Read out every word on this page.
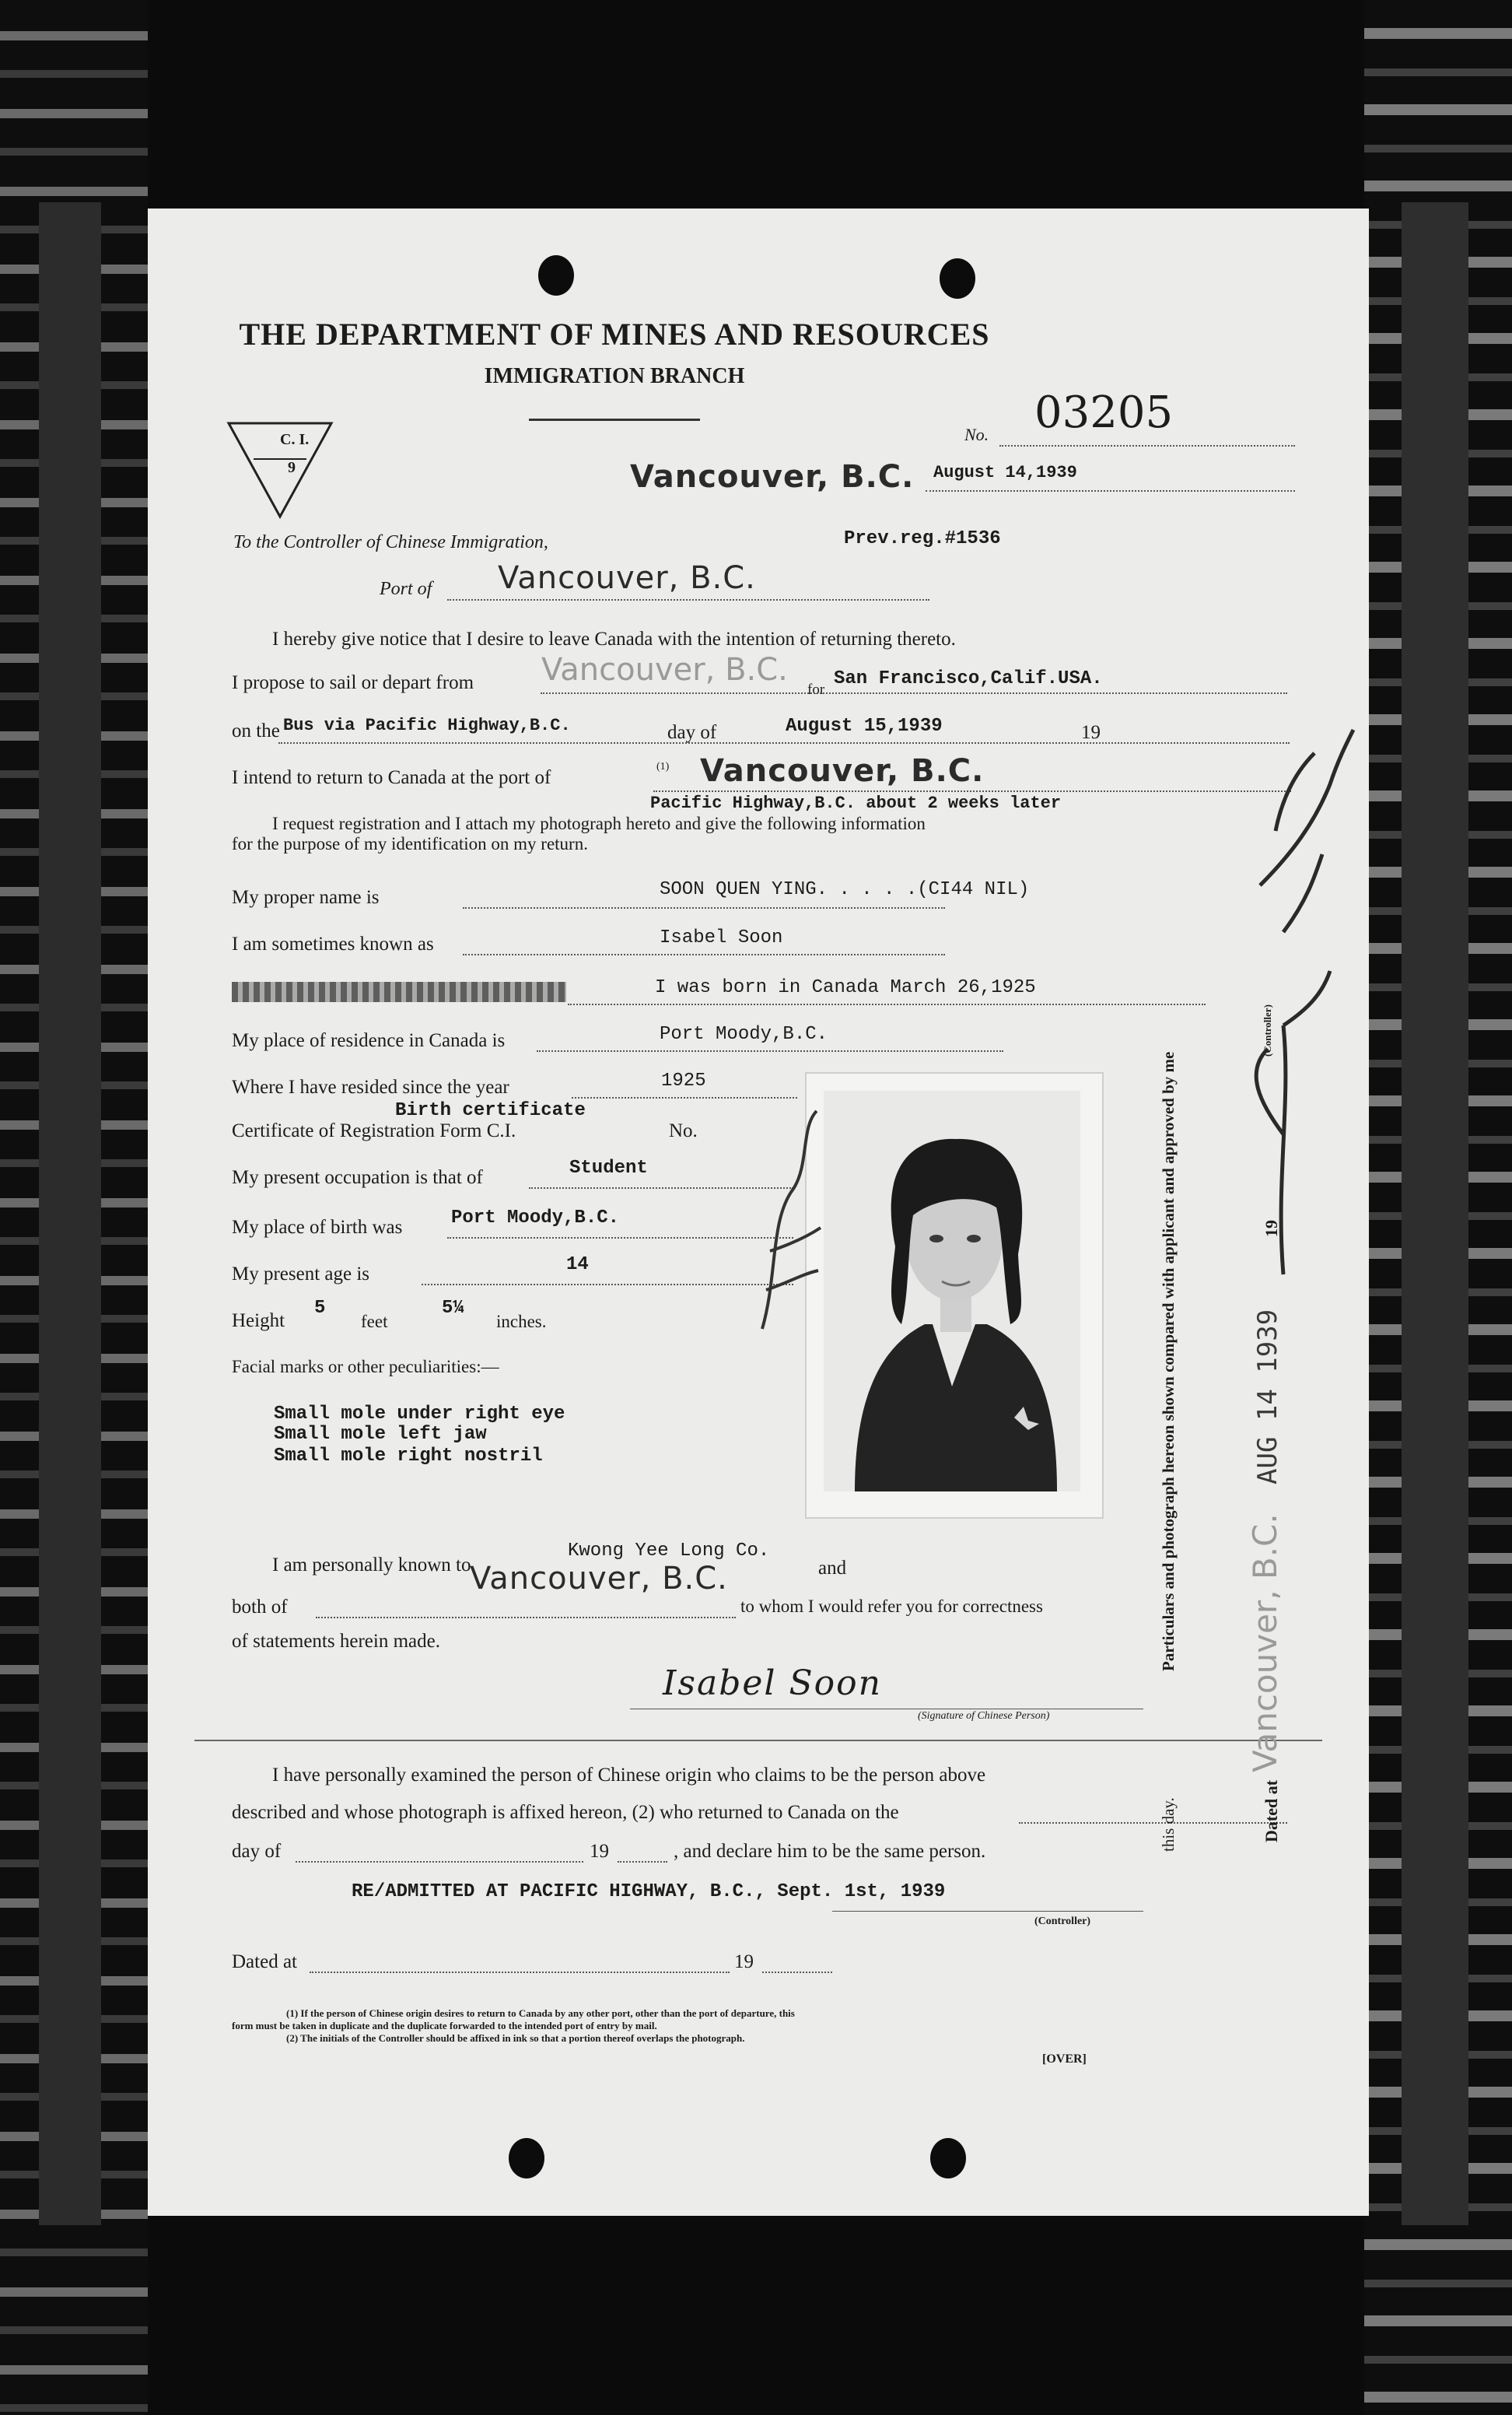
THE DEPARTMENT OF MINES AND RESOURCES
IMMIGRATION BRANCH
C. I.
9
No. 03205
Vancouver, B.C. August 14,1939
To the Controller of Chinese Immigration,	Prev.reg.#1536
Port of Vancouver, B.C.
I hereby give notice that I desire to leave Canada with the intention of returning thereto.
I propose to sail or depart from Vancouver, B.C.
for
San Francisco,Calif.USA.
on the Bus via Pacific Highway,B.C.	day of	August 15,1939	19
I intend to return to Canada at the port of
(1) Vancouver, B.C.
Pacific Highway,B.C. about 2 weeks later
I request registration and I attach my photograph hereto and give the following information
for the purpose of my identification on my return.
My proper name is	SOON QUEN YING. . . . .(CI44 NIL)
I am sometimes known as	Isabel Soon
I was born in Canada March 26,1925
My place of residence in Canada is	Port Moody,B.C.
Where I have resided since the year	1925
Birth certificate
Certificate of Registration Form C.I.	No.
My present occupation is that of	Student
My place of birth was	Port Moody,B.C.
My present age is	14
Height
5
feet
5¼
inches.
Facial marks or other peculiarities:—
Small mole under right eye
Small mole left jaw
Small mole right nostril
I am personally known to
Kwong Yee Long Co.
and
both of
Vancouver, B.C.
to whom I would refer you for correctness
of statements herein made.
Isabel Soon
(Signature of Chinese Person)
I have personally examined the person of Chinese origin who claims to be the person above
described and whose photograph is affixed hereon, (2) who returned to Canada on the
day of	19	, and declare him to be the same person.
RE/ADMITTED AT PACIFIC HIGHWAY, B.C., Sept. 1st, 1939
(Controller)
Dated at	19
(1) If the person of Chinese origin desires to return to Canada by any other port, other than the port of departure, this
form must be taken in duplicate and the duplicate forwarded to the intended port of entry by mail.
(2) The initials of the Controller should be affixed in ink so that a portion thereof overlaps the photograph.
[OVER]
Particulars and photograph hereon shown compared with applicant and approved by me
this day.
(Controller)
Dated at
Vancouver, B.C.
AUG 14 1939
19
